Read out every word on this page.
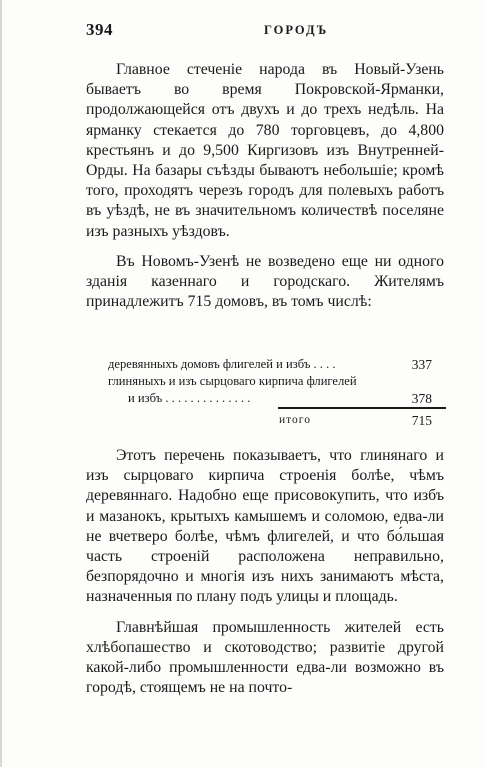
394	ГОРОДЪ

Главное стеченіе народа въ Новый-Узень бываетъ во время Покровской-Ярманки, продолжающейся отъ двухъ и до трехъ недѣль. На ярманку стекается до 780 торговцевъ, до 4,800 крестьянъ и до 9,500 Киргизовъ изъ Внутренней-Орды. На базары съѣзды бываютъ небольшіе; кромѣ того, проходятъ черезъ городъ для полевыхъ работъ въ уѣздѣ, не въ значительномъ количествѣ поселяне изъ разныхъ уѣздовъ.

Въ Новомъ-Узенѣ не возведено еще ни одного зданія казеннаго и городскаго. Жителямъ принадлежитъ 715 домовъ, въ томъ числѣ:

деревянныхъ домовъ флигелей и избъ . . . .	337
глиняныхъ и изъ сырцоваго кирпича флигелей
и избъ . . . . . . . . . . . . . .	378
итого	715

Этотъ перечень показываетъ, что глинянаго и изъ сырцоваго кирпича строенія болѣе, чѣмъ деревяннаго. Надобно еще присовокупить, что избъ и мазанокъ, крытыхъ камышемъ и соломою, едва-ли не вчетверо болѣе, чѣмъ флигелей, и что бо́льшая часть строеній расположена неправильно, безпорядочно и многія изъ нихъ занимаютъ мѣста, назначенныя по плану подъ улицы и площадь.

Главнѣйшая промышленность жителей есть хлѣбопашество и скотоводство; развитіе другой какой-либо промышленности едва-ли возможно въ городѣ, стоящемъ не на почто-
